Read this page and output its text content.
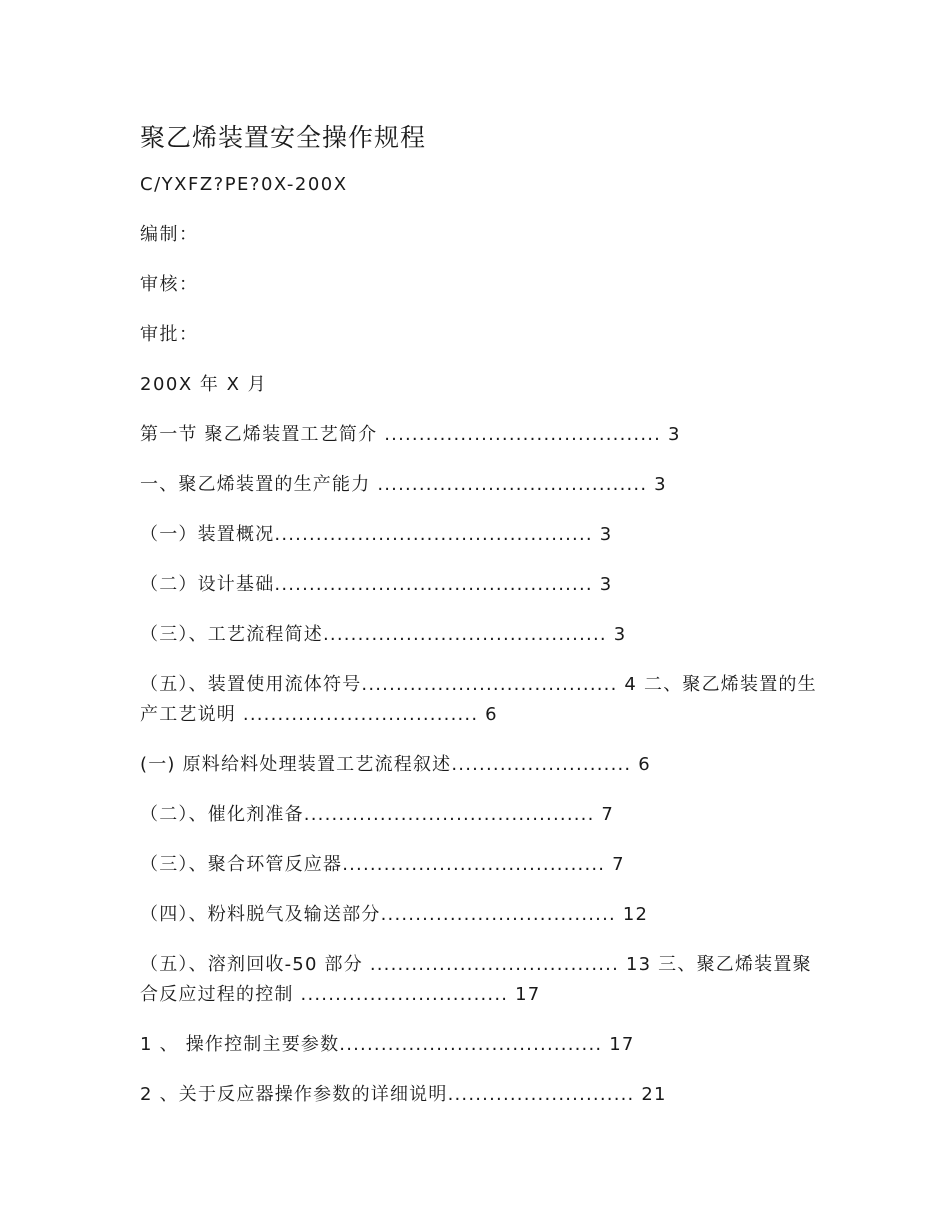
聚乙烯装置安全操作规程
C/YXFZ?PE?0X-200X
编制：
审核：
审批：
200X 年 X 月
第一节 聚乙烯装置工艺简介 ........................................ 3
一、聚乙烯装置的生产能力 ....................................... 3
（一）装置概况.............................................. 3
（二）设计基础.............................................. 3
（三）、工艺流程简述......................................... 3
（五）、装置使用流体符号..................................... 4 二、聚乙烯装置的生产工艺说明 .................................. 6
(一) 原料给料处理装置工艺流程叙述.......................... 6
（二）、催化剂准备.......................................... 7
（三）、聚合环管反应器...................................... 7
（四）、粉料脱气及输送部分.................................. 12
（五）、溶剂回收-50 部分 .................................... 13 三、聚乙烯装置聚合反应过程的控制 .............................. 17
1 、 操作控制主要参数...................................... 17
2 、关于反应器操作参数的详细说明........................... 21
